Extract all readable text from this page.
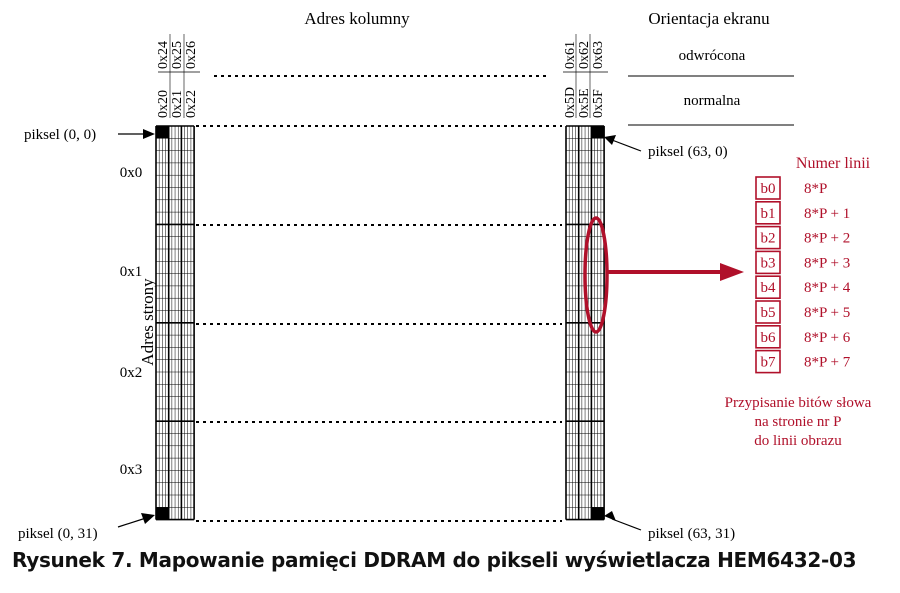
Adres kolumny	Orientacja ekranu
odwrócona
normalna
0x24 0x25 0x26
0x20 0x21 0x22
0x61 0x62 0x63
0x5D 0x5E 0x5F
Adres strony
0x0
0x1
0x2
0x3
piksel (0, 0)
piksel (63, 0)
piksel (0, 31)	piksel (63, 31)
Numer linii
b0 8*P
b1 8*P + 1
b2 8*P + 2
b3 8*P + 3
b4 8*P + 4
b5 8*P + 5
b6 8*P + 6
b7 8*P + 7
Przypisanie bitów słowa
na stronie nr P
do linii obrazu
Rysunek 7. Mapowanie pamięci DDRAM do pikseli wyświetlacza HEM6432-03
